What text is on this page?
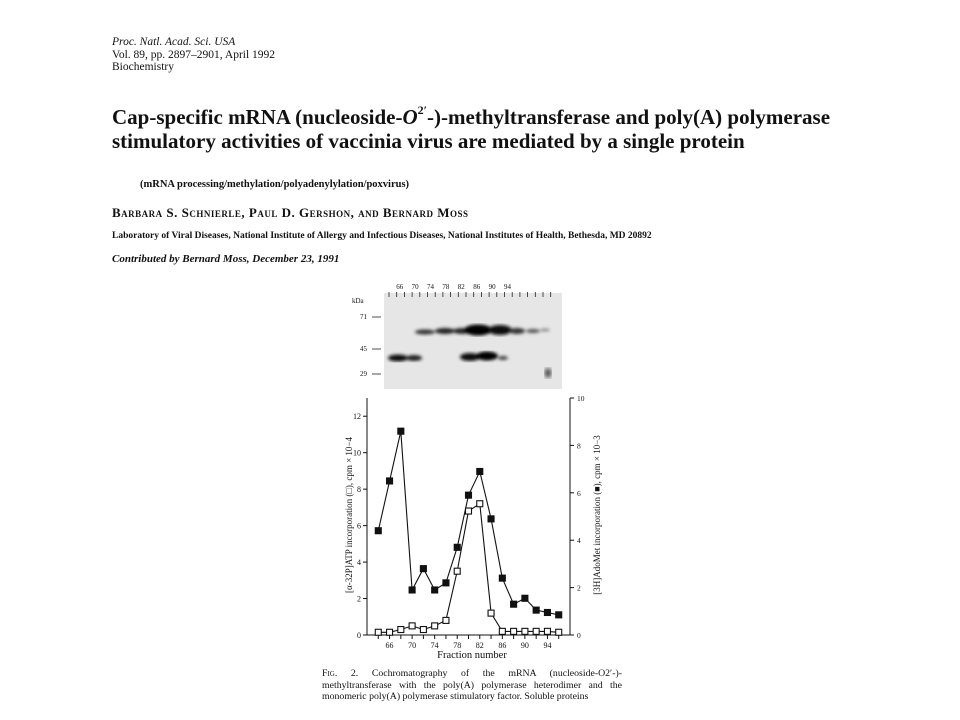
Proc. Natl. Acad. Sci. USA
Vol. 89, pp. 2897–2901, April 1992
Biochemistry
Cap-specific mRNA $(nucleoside-O^{2'}-)$-methyltransferase and poly(A) polymerase stimulatory activities of vaccinia virus are mediated by a single protein
(mRNA processing/methylation/polyadenylylation/poxvirus)
Barbara S. Schnierle, Paul D. Gershon, and Bernard Moss
Laboratory of Viral Diseases, National Institute of Allergy and Infectious Diseases, National Institutes of Health, Bethesda, MD 20892
Contributed by Bernard Moss, December 23, 1991
kDa
66 70 74 78 82 86 90 94
71
45
29
0
2
4
6
8
10
12
0
2
4
6
8
10
66 70 74 78 82 86 90 94
Fraction number
[α-32P]ATP incorporation (□), cpm × 10−4	[3H]AdoMet incorporation (■), cpm × 10−3
Fig. 2. Cochromatography of the mRNA (nucleoside-O2′-)-methyltransferase with the poly(A) polymerase heterodimer and the monomeric poly(A) polymerase stimulatory factor. Soluble proteins
